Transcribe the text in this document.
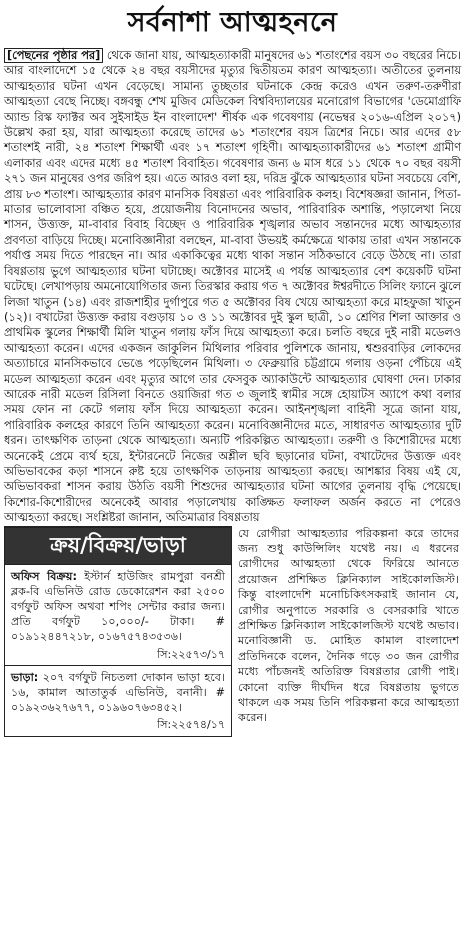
সর্বনাশা আত্মহননে

[পেছনের পৃষ্ঠার পর] থেকে জানা যায়, আত্মহত্যাকারী মানুষদের ৬১ শতাংশের বয়স ৩০ বছরের নিচে। আর বাংলাদেশে ১৫ থেকে ২৪ বছর বয়সীদের মৃত্যুর দ্বিতীয়তম কারণ আত্মহত্যা। অতীতের তুলনায় আত্মহত্যার ঘটনা এখন বেড়েছে। সামান্য তুচ্ছতার ঘটনাকে কেন্দ্র করেও এখন তরুণ-তরুণীরা আত্মহত্যা বেছে নিচ্ছে। বঙ্গবন্ধু শেখ মুজিব মেডিকেল বিশ্ববিদ্যালয়ের মনোরোগ বিভাগের 'ডেমোগ্রাফি অ্যান্ড রিস্ক ফ্যাক্টর অব সুইসাইড ইন বাংলাদেশ' শীর্ষক এক গবেষণায় (নভেম্বর ২০১৬-এপ্রিল ২০১৭) উল্লেখ করা হয়, যারা আত্মহত্যা করেছে তাদের ৬১ শতাংশের বয়স ত্রিশের নিচে। আর এদের ৫৮ শতাংশই নারী, ২৪ শতাংশ শিক্ষার্থী এবং ১৭ শতাংশ গৃহিণী। আত্মহত্যাকারীদের ৬১ শতাংশ গ্রামীণ এলাকার এবং এদের মধ্যে ৪৫ শতাংশ বিবাহিত। গবেষণার জন্য ৬ মাস ধরে ১১ থেকে ৭০ বছর বয়সী ২৭১ জন মানুষের ওপর জরিপ হয়। এতে আরও বলা হয়, দরিদ্র ঝুঁকে আত্মহত্যার ঘটনা সবচেয়ে বেশি, প্রায় ৮৩ শতাংশ। আত্মহত্যার কারণ মানসিক বিষণ্ণতা এবং পারিবারিক কলহ। বিশেষজ্ঞরা জানান, পিতা-মাতার ভালোবাসা বঞ্চিত হয়ে, প্রয়োজনীয় বিনোদনের অভাব, পারিবারিক অশান্তি, পড়ালেখা নিয়ে শাসন, উত্ত্যক্ত, মা-বাবার বিবাহ বিচ্ছেদ ও পারিবারিক শৃঙ্খলার অভাব সন্তানদের মধ্যে আত্মহত্যার প্রবণতা বাড়িয়ে দিচ্ছে। মনোবিজ্ঞানীরা বলছেন, মা-বাবা উভয়ই কর্মক্ষেত্রে থাকায় তারা এখন সন্তানকে পর্যাপ্ত সময় দিতে পারছেন না। আর একাকিত্বের মধ্যে থাকা সন্তান সঠিকভাবে বেড়ে উঠছে না। তারা বিষণ্ণতায় ভুগে আত্মহত্যার ঘটনা ঘটাচ্ছে। অক্টোবর মাসেই এ পর্যন্ত আত্মহত্যার বেশ কয়েকটি ঘটনা ঘটেছে। লেখাপড়ায় অমনোযোগিতার জন্য তিরস্কার করায় গত ৭ অক্টোবর ঈশ্বরদীতে সিলিং ফ্যানে ঝুলে লিজা খাতুন (১৪) এবং রাজশাহীর দুর্গাপুরে গত ৫ অক্টোবর বিষ খেয়ে আত্মহত্যা করে মাহফুজা খাতুন (১২)। বখাটেরা উত্ত্যক্ত করায় বগুড়ায় ১০ ও ১১ অক্টোবর দুই স্কুল ছাত্রী, ১০ শ্রেণির শিলা আক্তার ও প্রাথমিক স্কুলের শিক্ষার্থী মিলি খাতুন গলায় ফাঁস দিয়ে আত্মহত্যা করে। চলতি বছরে দুই নারী মডেলও আত্মহত্যা করেন। এদের একজন জাকুলিন মিথিলার পরিবার পুলিশকে জানায়, শ্বশুরবাড়ির লোকদের অত্যাচারে মানসিকভাবে ভেঙে পড়েছিলেন মিথিলা। ৩ ফেব্রুয়ারি চট্টগ্রামে গলায় ওড়না পেঁচিয়ে এই মডেল আত্মহত্যা করেন এবং মৃত্যুর আগে তার ফেসবুক অ্যাকাউন্টে আত্মহত্যার ঘোষণা দেন। ঢাকার আরেক নারী মডেল রিসিলা বিনতে ওয়াজিরা গত ৩ জুলাই স্বামীর সঙ্গে হোয়াটস অ্যাপে কথা বলার সময় ফোন না কেটে গলায় ফাঁস দিয়ে আত্মহত্যা করেন। আইনশৃঙ্খলা বাহিনী সূত্রে জানা যায়, পারিবারিক কলহের কারণে তিনি আত্মহত্যা করেন। মনোবিজ্ঞানীদের মতে, সাধারণত আত্মহত্যার দুটি ধরন। তাৎক্ষণিক তাড়না থেকে আত্মহত্যা। অন্যটি পরিকল্পিত আত্মহত্যা। তরুণী ও কিশোরীদের মধ্যে অনেকেই প্রেমে ব্যর্থ হয়ে, ইন্টারনেটে নিজের অশ্লীল ছবি ছড়ানোর ঘটনা, বখাটেদের উত্ত্যক্ত এবং অভিভাবকের কড়া শাসনে রুষ্ট হয়ে তাৎক্ষণিক তাড়নায় আত্মহত্যা করছে। আশঙ্কার বিষয় এই যে, অভিভাবকরা শাসন করায় উঠতি বয়সী শিশুদের আত্মহত্যার ঘটনা আগের তুলনায় বৃদ্ধি পেয়েছে। কিশোর-কিশোরীদের অনেকেই আবার পড়ালেখায় কাঙ্ক্ষিত ফলাফল অর্জন করতে না পেরেও আত্মহত্যা করছে। সংশ্লিষ্টরা জানান, অতিমাত্রার বিষণ্ণতায়

ক্রয়/বিক্রয়/ভাড়া
অফিস বিক্রয়: ইস্টার্ন হাউজিং রামপুরা বনশ্রী ব্লক-বি এভিনিউ রোড ডেকোরেশন করা ২৫০০ বর্গফুট অফিস অথবা শপিং সেন্টার করার জন্য। প্রতি বর্গফুট ১০,০০০/- টাকা। # ০১৯১২৪৪৭২১৮, ০১৬৭৫৭৪৩৫৩৬।
সি:২২৫৭৩/১৭
ভাড়া: ২০৭ বর্গফুট নিচতলা দোকান ভাড়া হবে। ১৬, কামাল আতাতুর্ক এভিনিউ, বনানী। # ০১৯২৩৬২৭৬৭৭, ০১৯৬০৭৬৩৪৫২।
সি:২২৫৭৪/১৭
যে রোগীরা আত্মহত্যার পরিকল্পনা করে তাদের জন্য শুধু কাউন্সিলিং যথেষ্ট নয়। এ ধরনের রোগীদের আত্মহত্যা থেকে ফিরিয়ে আনতে প্রয়োজন প্রশিক্ষিত ক্লিনিক্যাল সাইকোলজিস্ট। কিন্তু বাংলাদেশি মনোচিকিৎসকরাই জানান যে, রোগীর অনুপাতে সরকারি ও বেসরকারি খাতে প্রশিক্ষিত ক্লিনিক্যাল সাইকোলজিস্ট যথেষ্ট অভাব। মনোবিজ্ঞানী ড. মোহিত কামাল বাংলাদেশ প্রতিদিনকে বলেন, দৈনিক গড়ে ৩০ জন রোগীর মধ্যে পাঁচজনই অতিরিক্ত বিষণ্ণতার রোগী পাই। কোনো ব্যক্তি দীর্ঘদিন ধরে বিষণ্ণতায় ভুগতে থাকলে এক সময় তিনি পরিকল্পনা করে আত্মহত্যা করেন।
